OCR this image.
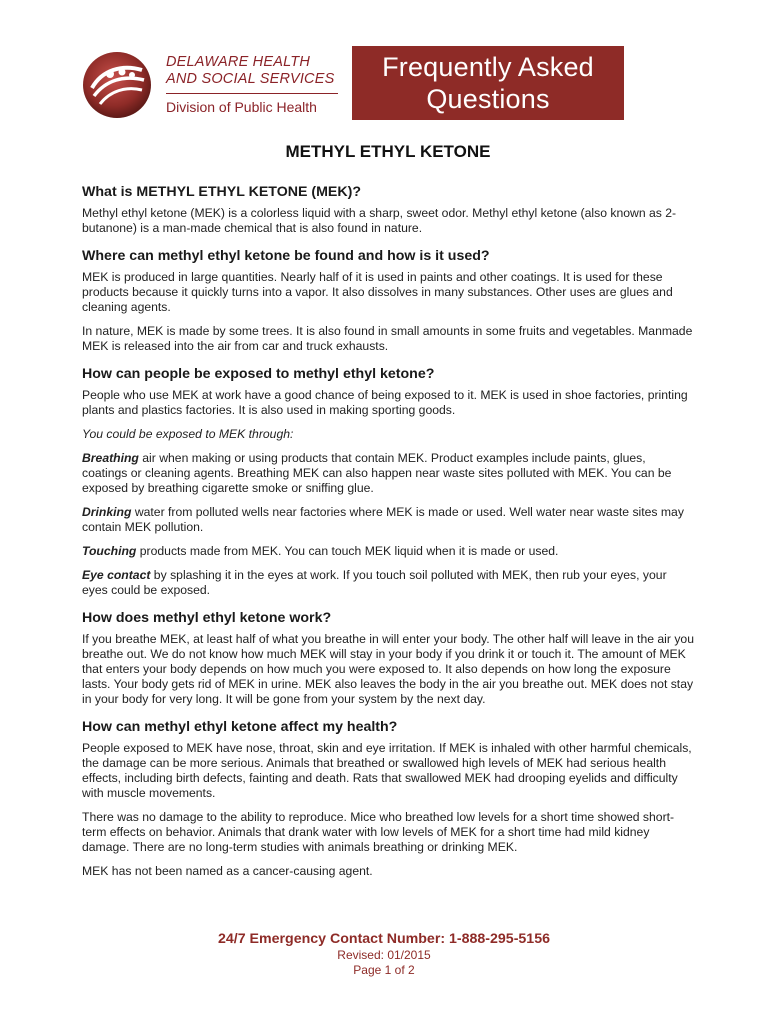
DELAWARE HEALTH
AND SOCIAL SERVICES
Division of Public Health
Frequently Asked
Questions
METHYL ETHYL KETONE
What is METHYL ETHYL KETONE (MEK)?

Methyl ethyl ketone (MEK) is a colorless liquid with a sharp, sweet odor. Methyl ethyl ketone (also known as 2-butanone) is a man-made chemical that is also found in nature.

Where can methyl ethyl ketone be found and how is it used?

MEK is produced in large quantities. Nearly half of it is used in paints and other coatings. It is used for these products because it quickly turns into a vapor. It also dissolves in many substances. Other uses are glues and cleaning agents.

In nature, MEK is made by some trees. It is also found in small amounts in some fruits and vegetables. Manmade MEK is released into the air from car and truck exhausts.

How can people be exposed to methyl ethyl ketone?

People who use MEK at work have a good chance of being exposed to it. MEK is used in shoe factories, printing plants and plastics factories. It is also used in making sporting goods.

You could be exposed to MEK through:

Breathing air when making or using products that contain MEK. Product examples include paints, glues, coatings or cleaning agents. Breathing MEK can also happen near waste sites polluted with MEK. You can be exposed by breathing cigarette smoke or sniffing glue.

Drinking water from polluted wells near factories where MEK is made or used. Well water near waste sites may contain MEK pollution.

Touching products made from MEK. You can touch MEK liquid when it is made or used.

Eye contact by splashing it in the eyes at work. If you touch soil polluted with MEK, then rub your eyes, your eyes could be exposed.

How does methyl ethyl ketone work?

If you breathe MEK, at least half of what you breathe in will enter your body. The other half will leave in the air you breathe out. We do not know how much MEK will stay in your body if you drink it or touch it. The amount of MEK that enters your body depends on how much you were exposed to. It also depends on how long the exposure lasts. Your body gets rid of MEK in urine. MEK also leaves the body in the air you breathe out. MEK does not stay in your body for very long. It will be gone from your system by the next day.

How can methyl ethyl ketone affect my health?

People exposed to MEK have nose, throat, skin and eye irritation. If MEK is inhaled with other harmful chemicals, the damage can be more serious. Animals that breathed or swallowed high levels of MEK had serious health effects, including birth defects, fainting and death. Rats that swallowed MEK had drooping eyelids and difficulty with muscle movements.

There was no damage to the ability to reproduce. Mice who breathed low levels for a short time showed short-term effects on behavior. Animals that drank water with low levels of MEK for a short time had mild kidney damage. There are no long-term studies with animals breathing or drinking MEK.

MEK has not been named as a cancer-causing agent.

24/7 Emergency Contact Number: 1-888-295-5156
Revised: 01/2015
Page 1 of 2
